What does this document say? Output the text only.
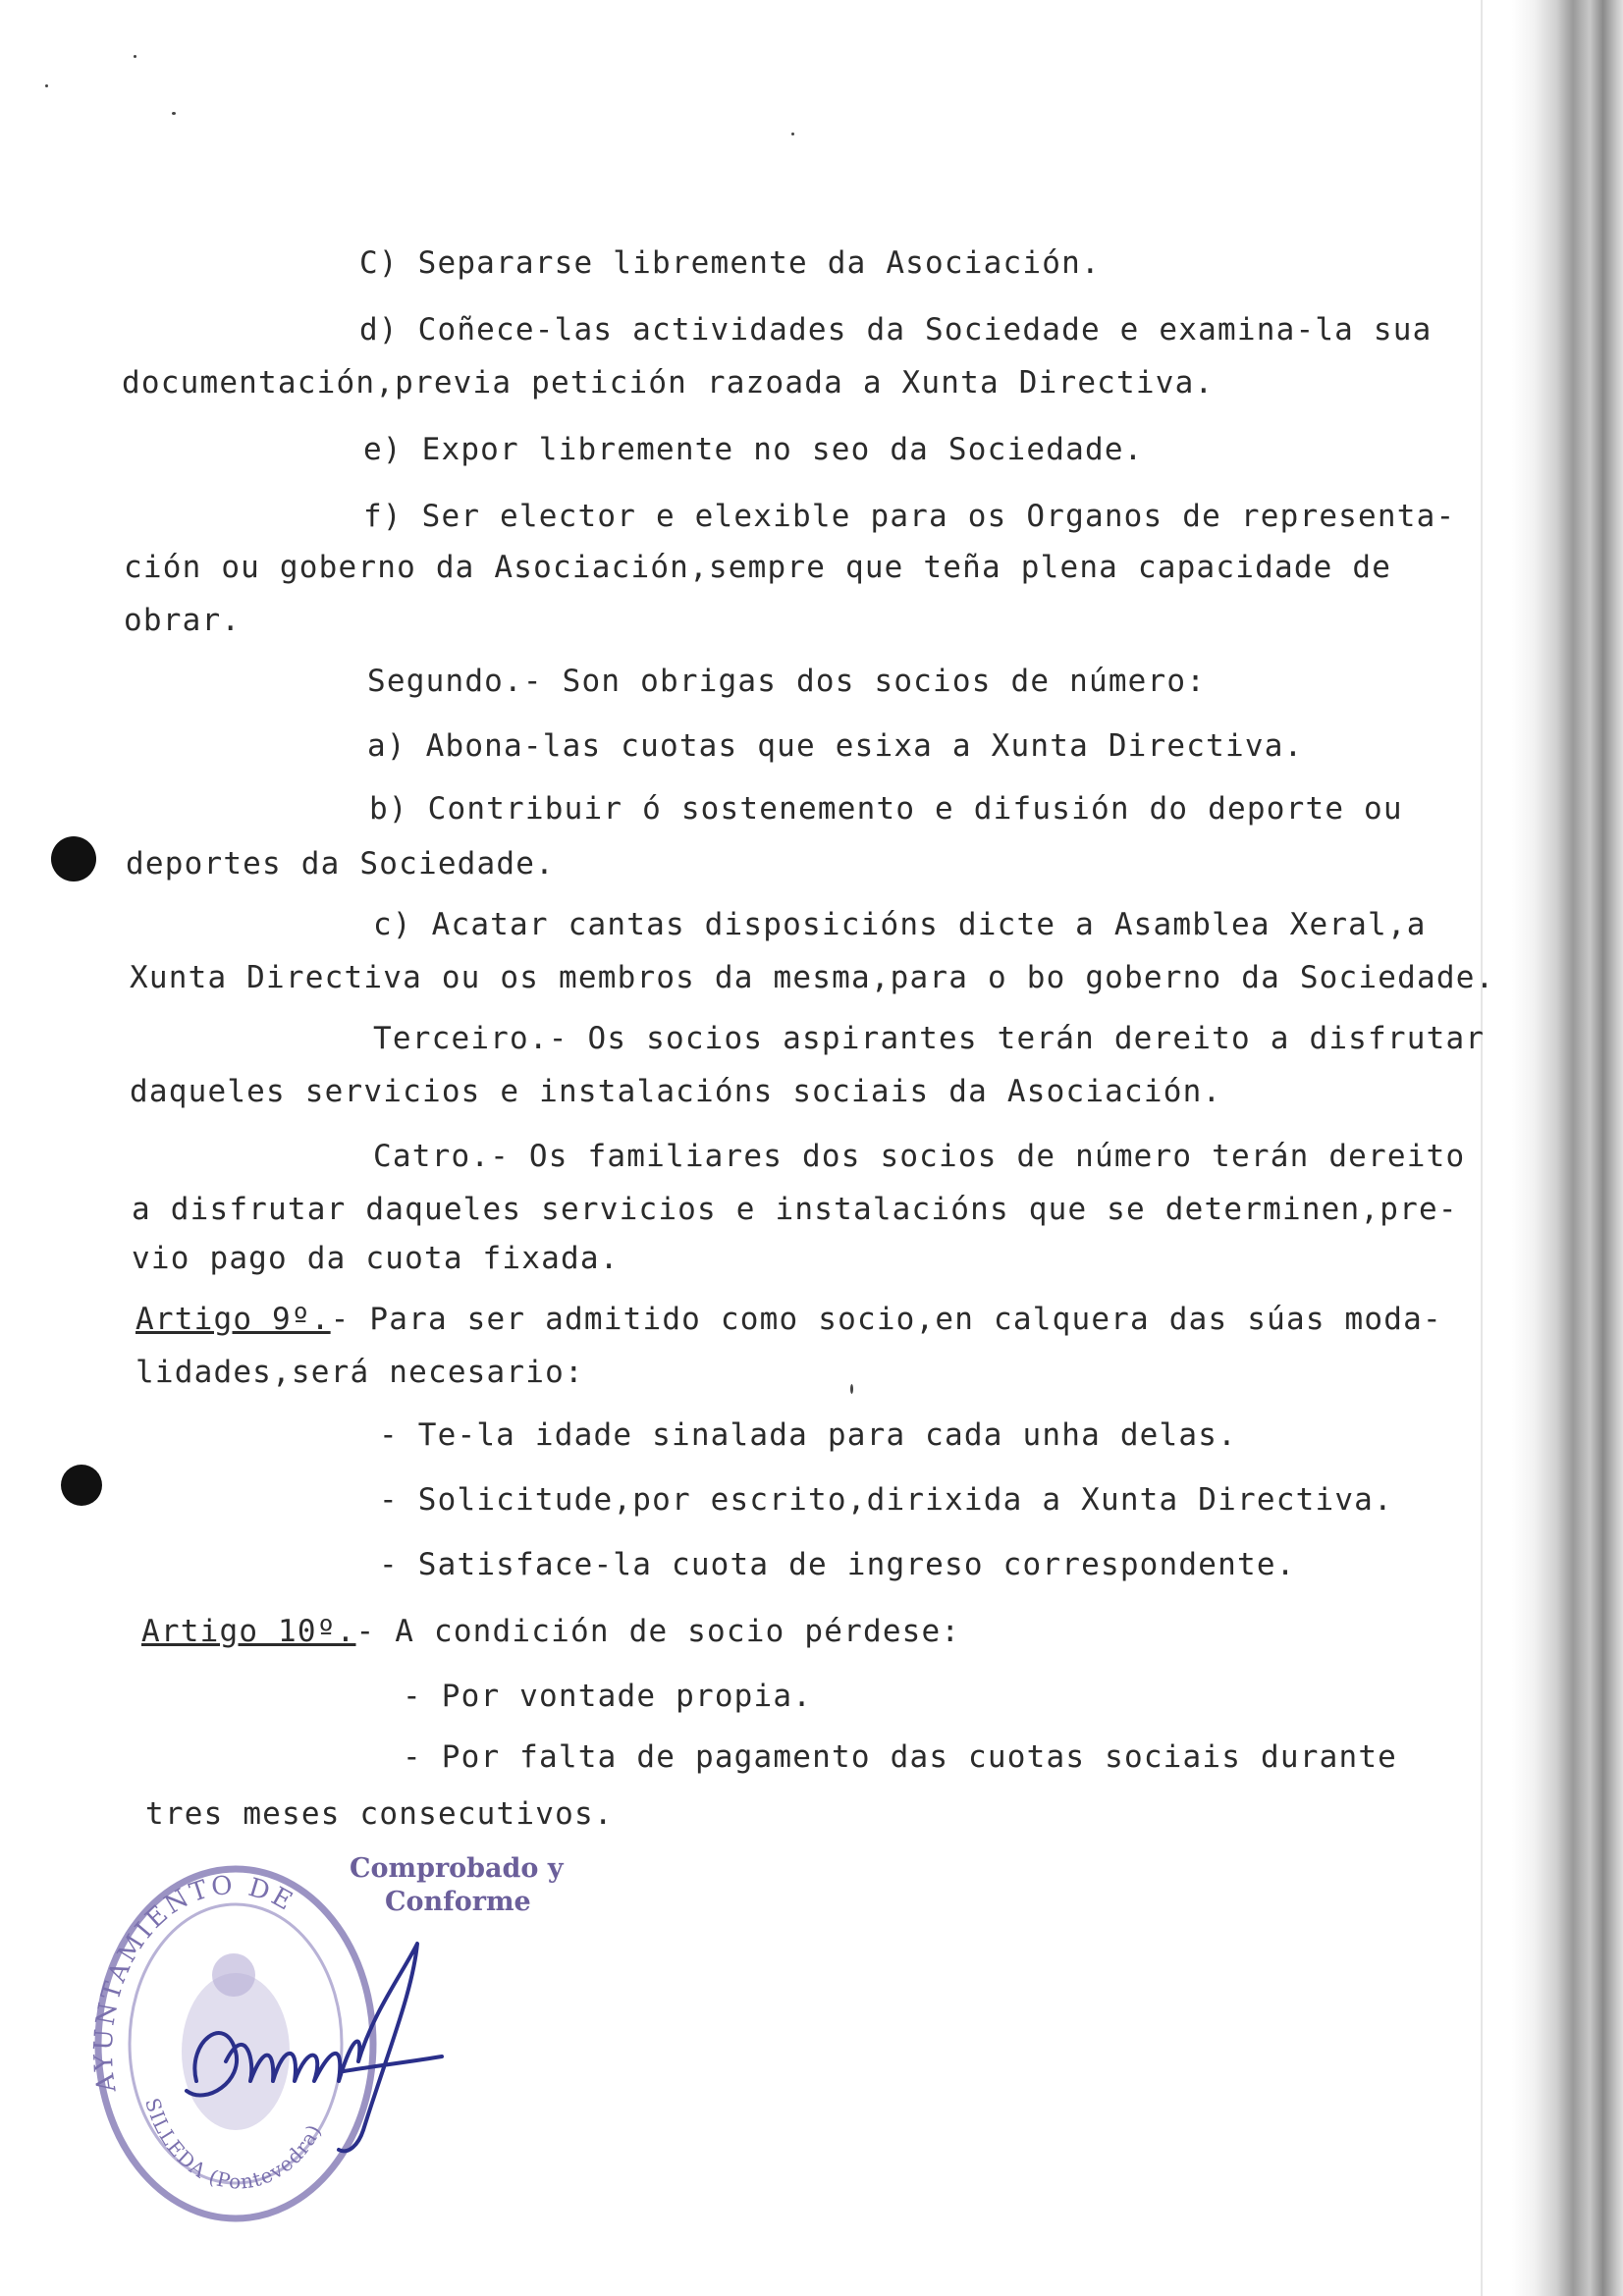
C) Separarse libremente da Asociación.
d) Coñece-las actividades da Sociedade e examina-la sua
documentación,previa petición razoada a Xunta Directiva.
e) Expor libremente no seo da Sociedade.
f) Ser elector e elexible para os Organos de representa-
ción ou goberno da Asociación,sempre que teña plena capacidade de
obrar.
Segundo.- Son obrigas dos socios de número:
a) Abona-las cuotas que esixa a Xunta Directiva.
b) Contribuir ó sostenemento e difusión do deporte ou
deportes da Sociedade.
c) Acatar cantas disposicións dicte a Asamblea Xeral,a
Xunta Directiva ou os membros da mesma,para o bo goberno da Sociedade.
Terceiro.- Os socios aspirantes terán dereito a disfrutar
daqueles servicios e instalacións sociais da Asociación.
Catro.- Os familiares dos socios de número terán dereito
a disfrutar daqueles servicios e instalacións que se determinen,pre-
vio pago da cuota fixada.
Artigo 9º.- Para ser admitido como socio,en calquera das súas moda-
lidades,será necesario:
- Te-la idade sinalada para cada unha delas.
- Solicitude,por escrito,dirixida a Xunta Directiva.
- Satisface-la cuota de ingreso correspondente.
Artigo 10º.- A condición de socio pérdese:
- Por vontade propia.
- Por falta de pagamento das cuotas sociais durante
tres meses consecutivos.
AYUNTAMIENTO DE
SILLEDA (Pontevedra)
Comprobado y
Conforme
